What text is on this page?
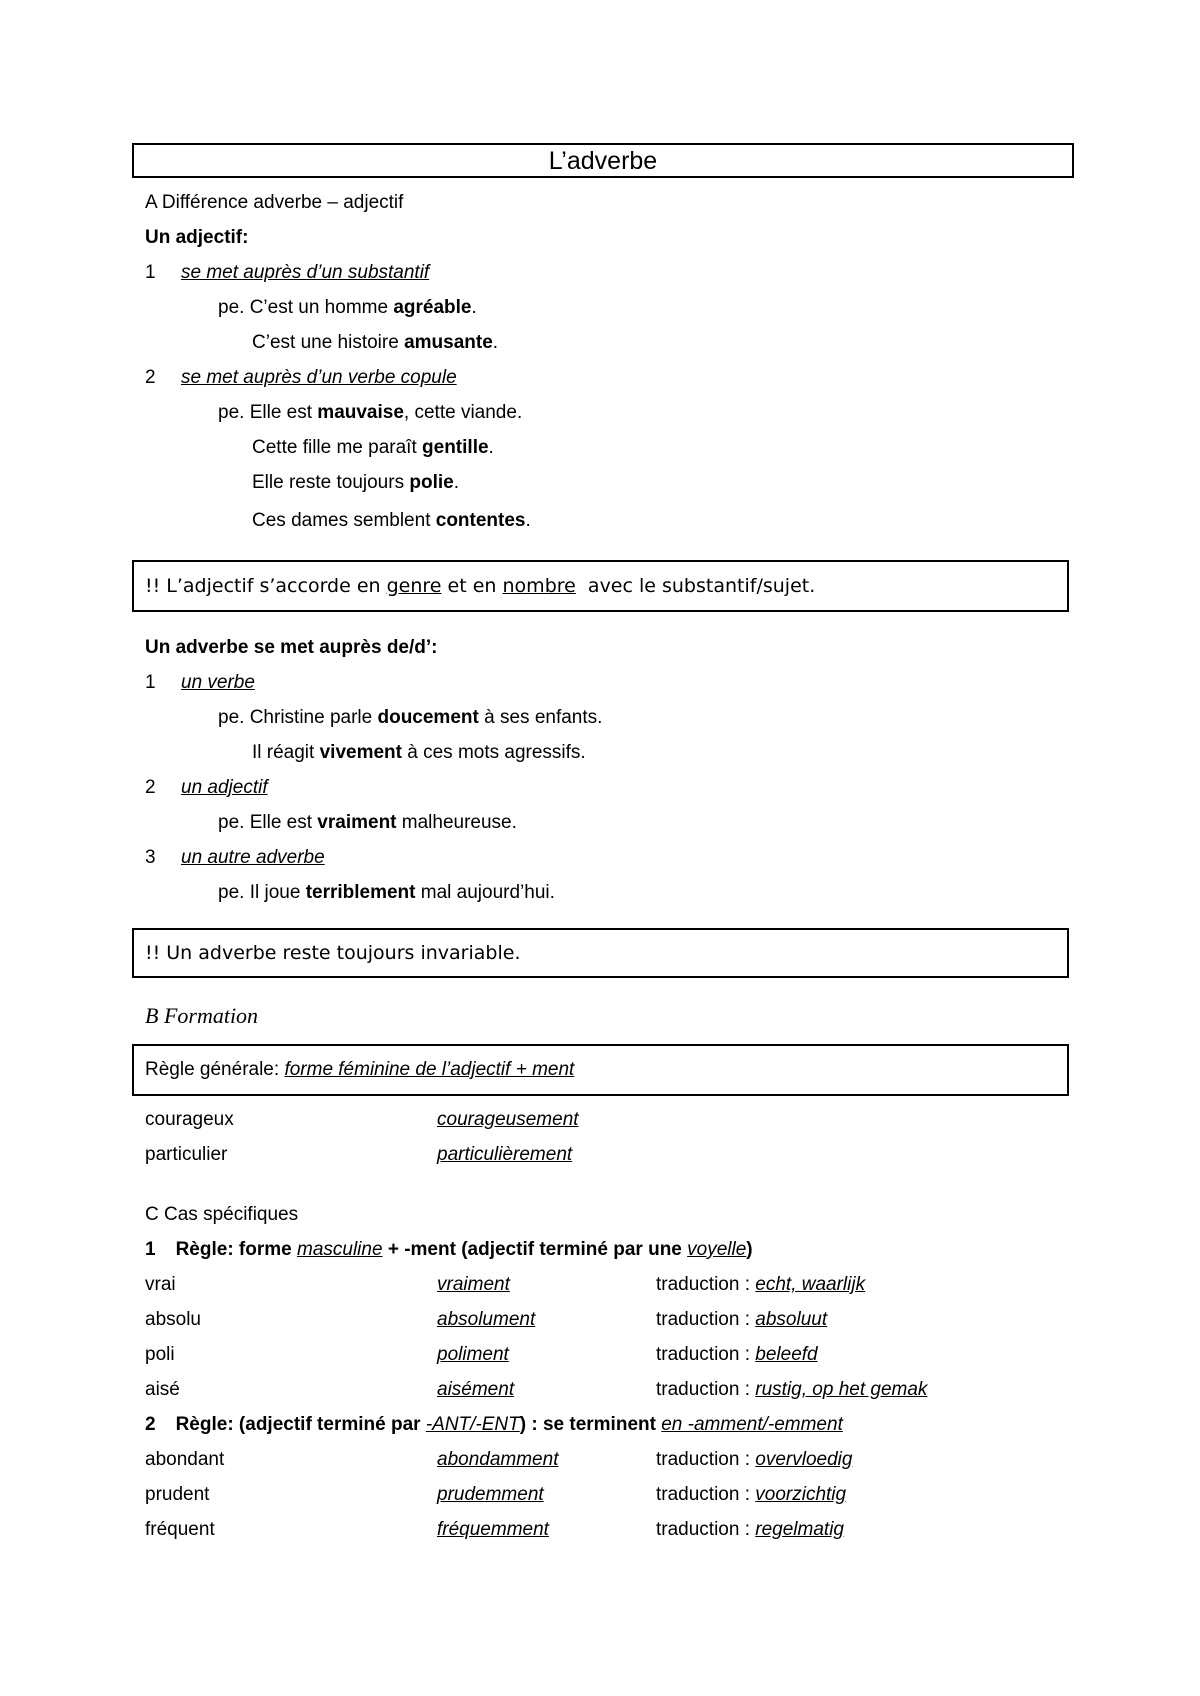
L’adverbe
A Différence adverbe – adjectif
Un adjectif:
1 se met auprès d’un substantif
pe. C’est un homme agréable.
C’est une histoire amusante.
2 se met auprès d’un verbe copule
pe. Elle est mauvaise, cette viande.
Cette fille me paraît gentille.
Elle reste toujours polie.
Ces dames semblent contentes.
!! L’adjectif s’accorde en genre et en nombre  avec le substantif/sujet.
Un adverbe se met auprès de/d’:
1 un verbe
pe. Christine parle doucement à ses enfants.
Il réagit vivement à ces mots agressifs.
2 un adjectif
pe. Elle est vraiment malheureuse.
3 un autre adverbe
pe. Il joue terriblement mal aujourd’hui.
!! Un adverbe reste toujours invariable.
B Formation
Règle générale: forme féminine de l’adjectif + ment
courageux	courageusement
particulier	particulièrement
C Cas spécifiques
1 Règle: forme masculine + -ment (adjectif terminé par une voyelle)
vrai	vraiment	traduction : echt, waarlijk
absolu	absolument	traduction : absoluut
poli	poliment	traduction : beleefd
aisé	aisément	traduction : rustig, op het gemak
2 Règle: (adjectif terminé par -ANT/-ENT) : se terminent en -amment/-emment
abondant	abondamment	traduction : overvloedig
prudent	prudemment	traduction : voorzichtig
fréquent	fréquemment	traduction : regelmatig
